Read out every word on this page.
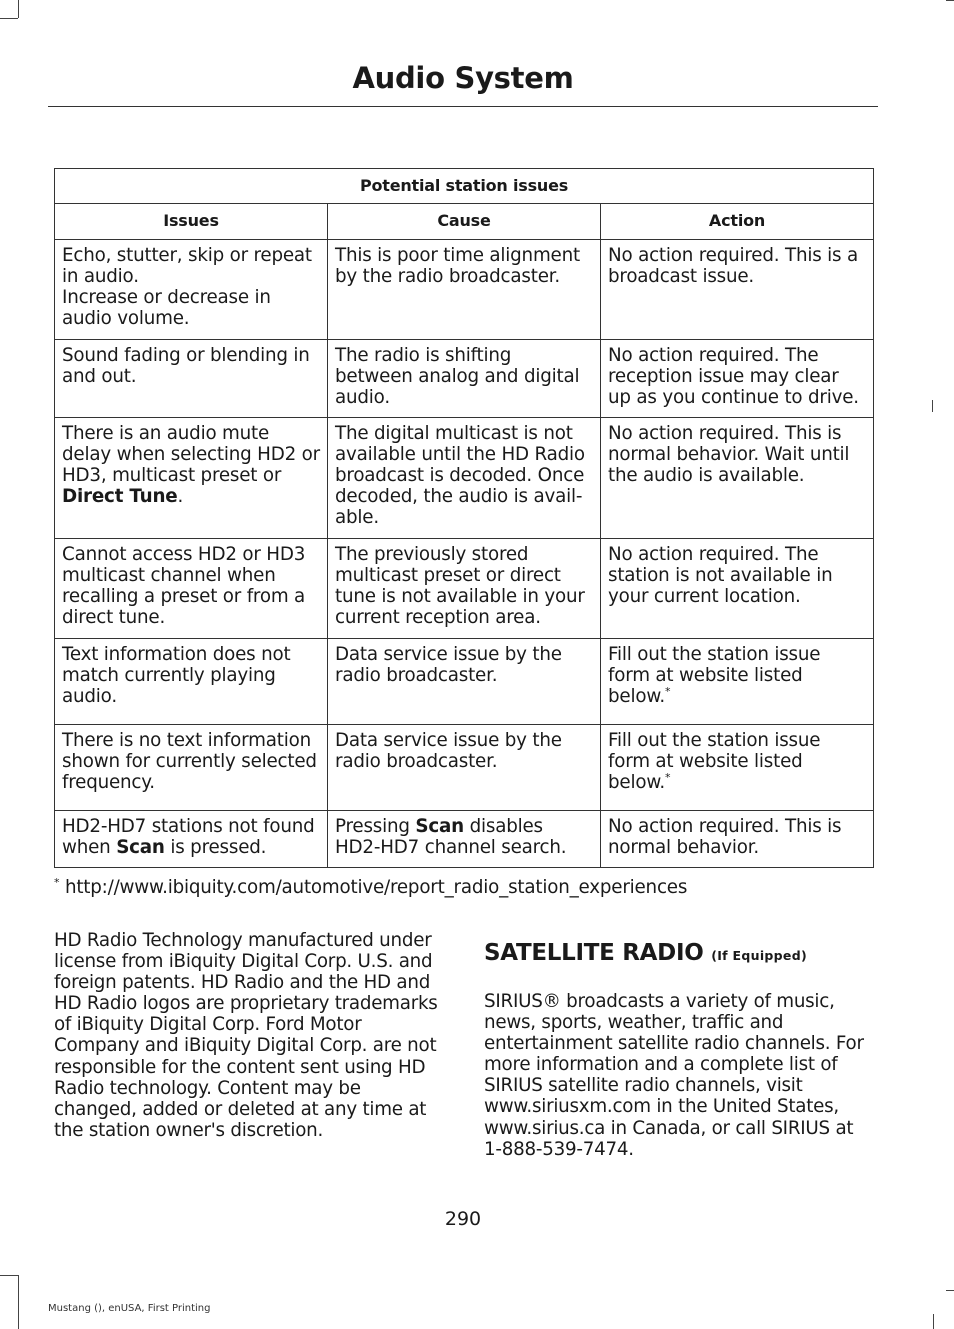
Audio System
Potential station issues		
Issues	Cause	Action

Echo, stutter, skip or repeat in audio.
Increase or decrease in audio volume.	This is poor time alignment by the radio broadcaster.	No action required. This is a broadcast issue.
Sound fading or blending in and out.	The radio is shifting between analog and digital audio.	No action required. The reception issue may clear up as you continue to drive.
There is an audio mute delay when selecting HD2 or HD3, multicast preset or Direct Tune.	The digital multicast is not available until the HD Radio broadcast is decoded. Once decoded, the audio is avail-able.	No action required. This is normal behavior. Wait until the audio is available.
Cannot access HD2 or HD3 multicast channel when recalling a preset or from a direct tune.	The previously stored multicast preset or direct tune is not available in your current reception area.	No action required. The station is not available in your current location.
Text information does not match currently playing audio.	Data service issue by the radio broadcaster.	Fill out the station issue form at website listed below.*
There is no text information shown for currently selected frequency.	Data service issue by the radio broadcaster.	Fill out the station issue form at website listed below.*
HD2-HD7 stations not found when Scan is pressed.	Pressing Scan disables HD2-HD7 channel search.	No action required. This is normal behavior.
* http://www.ibiquity.com/automotive/report_radio_station_experiences
HD Radio Technology manufactured under license from iBiquity Digital Corp. U.S. and foreign patents. HD Radio and the HD and HD Radio logos are proprietary trademarks of iBiquity Digital Corp. Ford Motor Company and iBiquity Digital Corp. are not responsible for the content sent using HD Radio technology. Content may be changed, added or deleted at any time at the station owner's discretion.
SATELLITE RADIO (If Equipped)
SIRIUS® broadcasts a variety of music, news, sports, weather, traffic and entertainment satellite radio channels. For more information and a complete list of SIRIUS satellite radio channels, visit www.siriusxm.com in the United States, www.sirius.ca in Canada, or call SIRIUS at 1-888-539-7474.
290
Mustang (), enUSA, First Printing
